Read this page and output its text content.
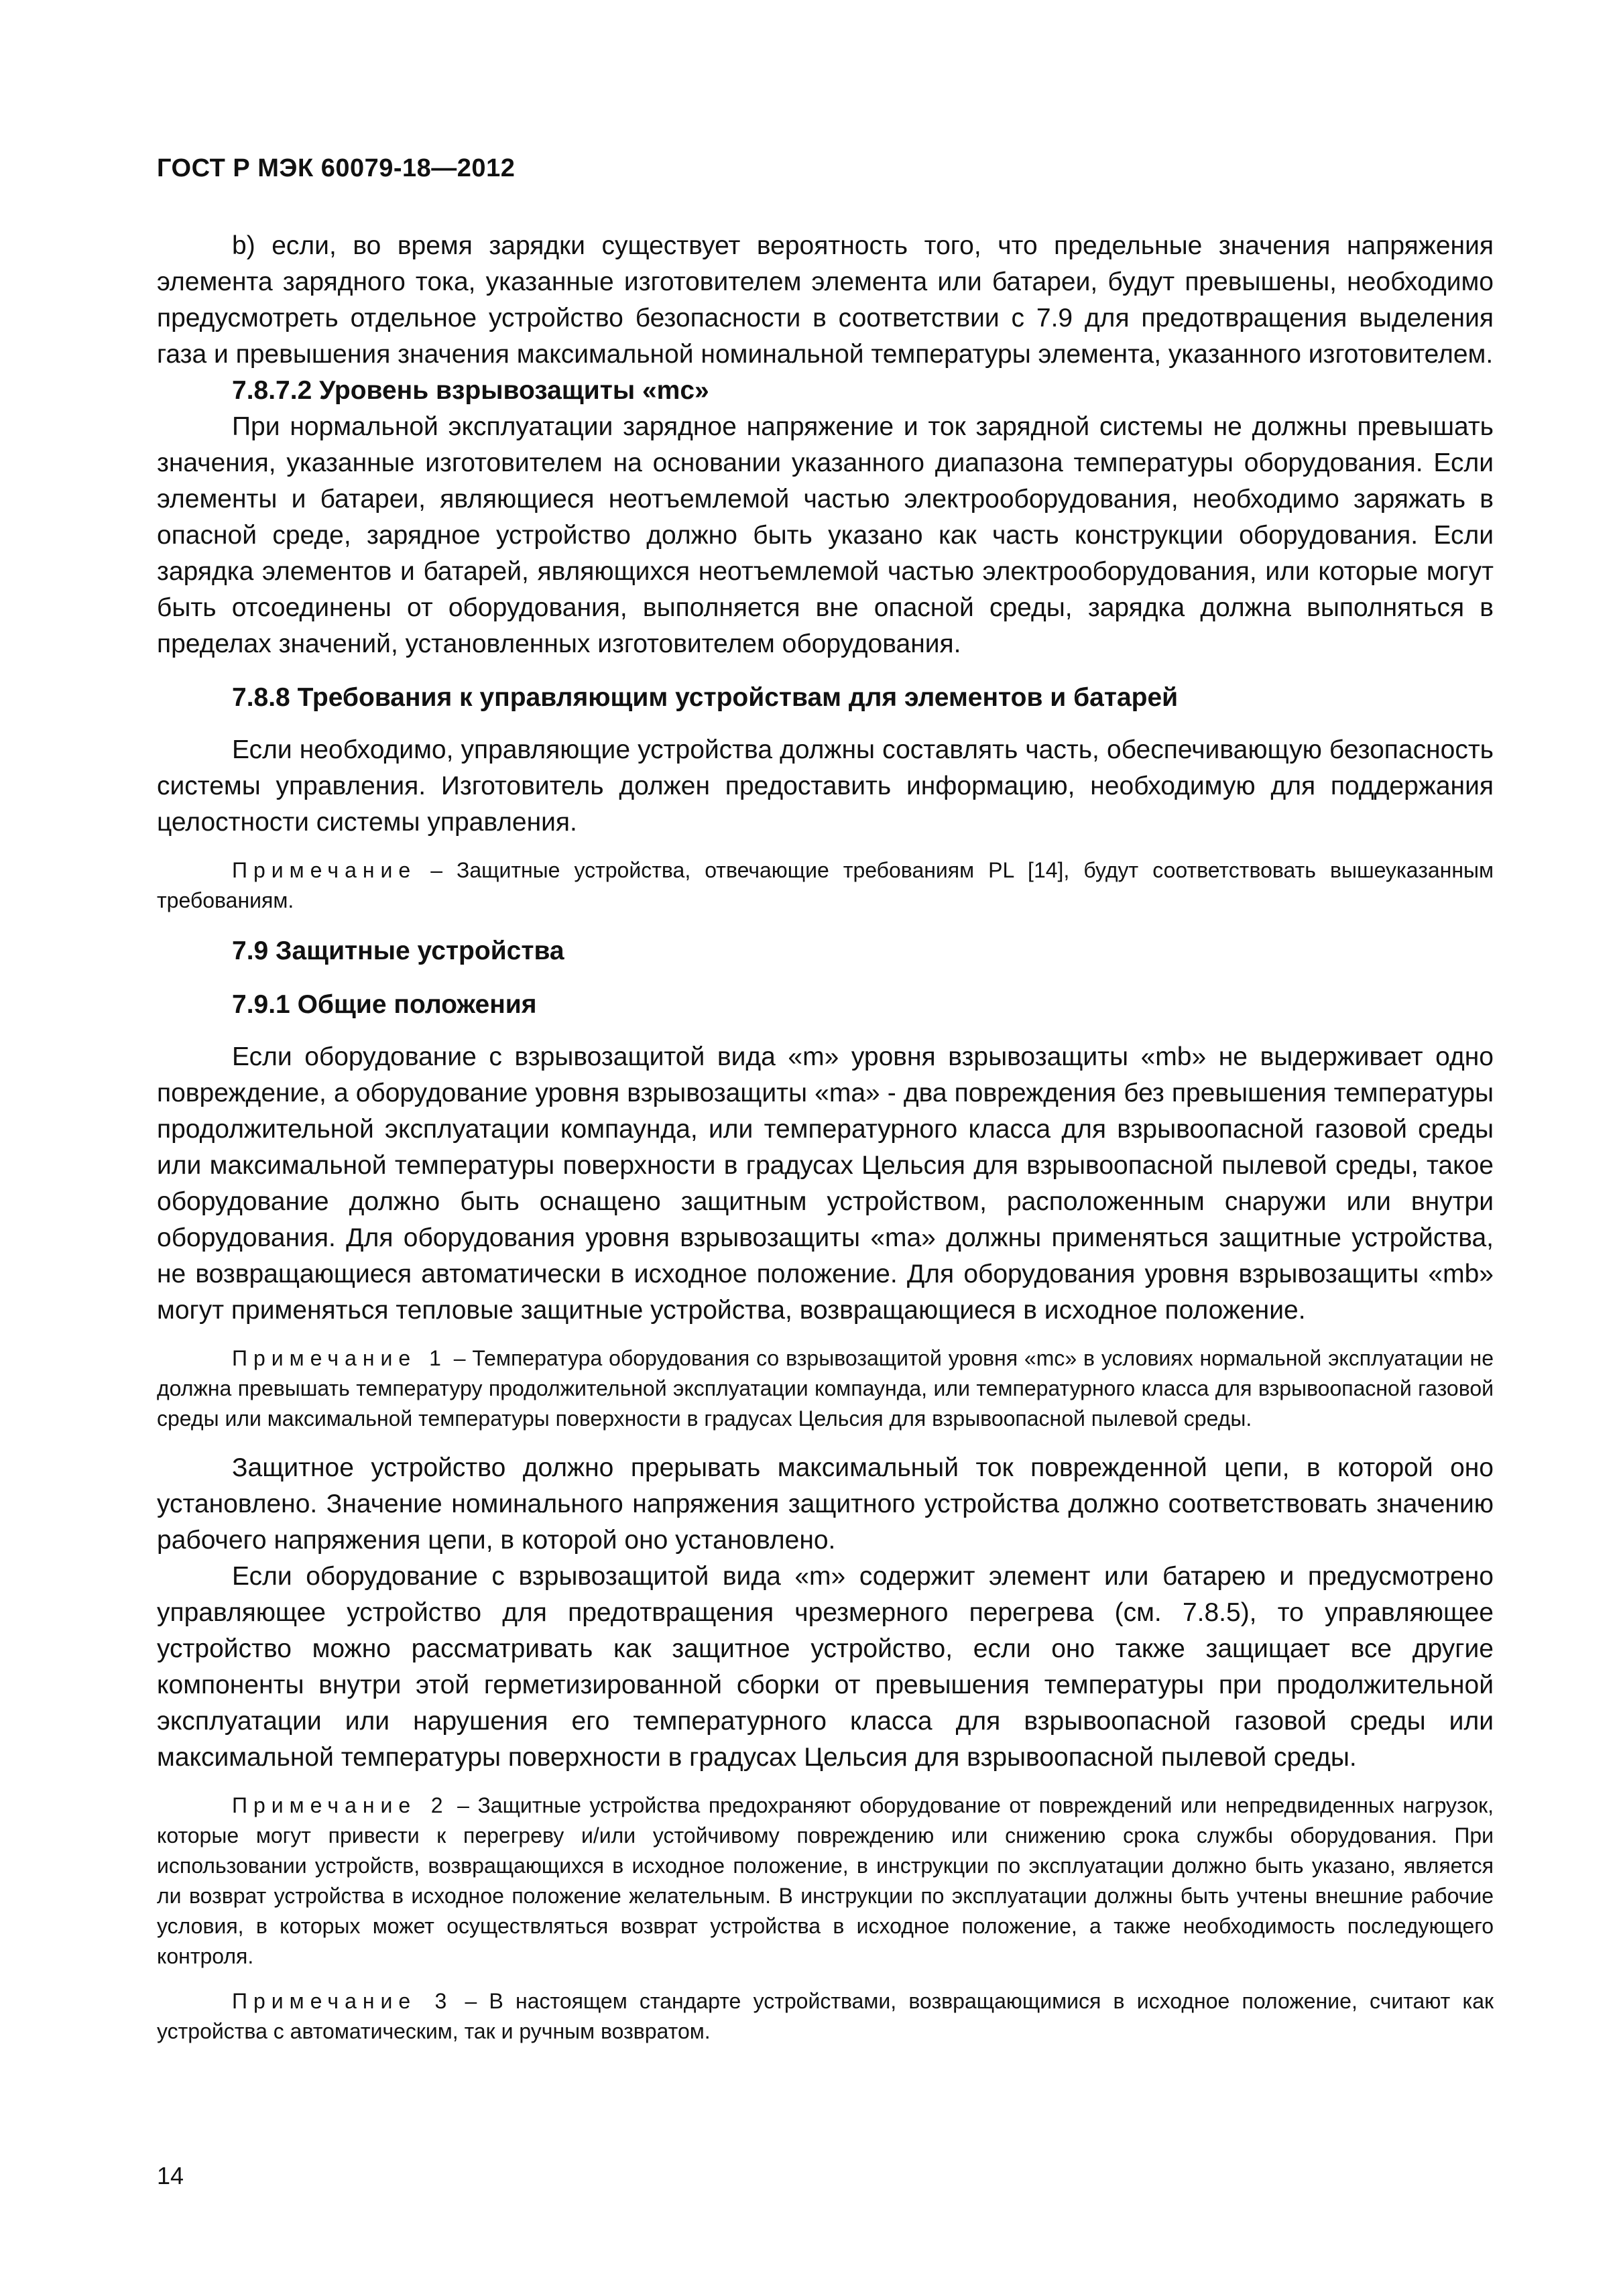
ГОСТ Р МЭК 60079-18—2012

b) если, во время зарядки существует вероятность того, что предельные значения напряжения элемента зарядного тока, указанные изготовителем элемента или батареи, будут превышены, необходимо предусмотреть отдельное устройство безопасности в соответствии с 7.9 для предотвращения выделения газа и превышения значения максимальной номинальной температуры элемента, указанного изготовителем.

7.8.7.2 Уровень взрывозащиты «mc»

При нормальной эксплуатации зарядное напряжение и ток зарядной системы не должны превышать значения, указанные изготовителем на основании указанного диапазона температуры оборудования. Если элементы и батареи, являющиеся неотъемлемой частью электрооборудования, необходимо заряжать в опасной среде, зарядное устройство должно быть указано как часть конструкции оборудования. Если зарядка элементов и батарей, являющихся неотъемлемой частью электрооборудования, или которые могут быть отсоединены от оборудования, выполняется вне опасной среды, зарядка должна выполняться в пределах значений, установленных изготовителем оборудования.

7.8.8 Требования к управляющим устройствам для элементов и батарей

Если необходимо, управляющие устройства должны составлять часть, обеспечивающую безопасность системы управления. Изготовитель должен предоставить информацию, необходимую для поддержания целостности системы управления.

Примечание – Защитные устройства, отвечающие требованиям PL [14], будут соответствовать вышеуказанным требованиям.

7.9 Защитные устройства

7.9.1 Общие положения

Если оборудование с взрывозащитой вида «m» уровня взрывозащиты «mb» не выдерживает одно повреждение, а оборудование уровня взрывозащиты «ma» - два повреждения без превышения температуры продолжительной эксплуатации компаунда, или температурного класса для взрывоопасной газовой среды или максимальной температуры поверхности в градусах Цельсия для взрывоопасной пылевой среды, такое оборудование должно быть оснащено защитным устройством, расположенным снаружи или внутри оборудования. Для оборудования уровня взрывозащиты «ma» должны применяться защитные устройства, не возвращающиеся автоматически в исходное положение. Для оборудования уровня взрывозащиты «mb» могут применяться тепловые защитные устройства, возвращающиеся в исходное положение.

Примечание 1 – Температура оборудования со взрывозащитой уровня «mc» в условиях нормальной эксплуатации не должна превышать температуру продолжительной эксплуатации компаунда, или температурного класса для взрывоопасной газовой среды или максимальной температуры поверхности в градусах Цельсия для взрывоопасной пылевой среды.

Защитное устройство должно прерывать максимальный ток поврежденной цепи, в которой оно установлено. Значение номинального напряжения защитного устройства должно соответствовать значению рабочего напряжения цепи, в которой оно установлено.

Если оборудование с взрывозащитой вида «m» содержит элемент или батарею и предусмотрено управляющее устройство для предотвращения чрезмерного перегрева (см. 7.8.5), то управляющее устройство можно рассматривать как защитное устройство, если оно также защищает все другие компоненты внутри этой герметизированной сборки от превышения температуры при продолжительной эксплуатации или нарушения его температурного класса для взрывоопасной газовой среды или максимальной температуры поверхности в градусах Цельсия для взрывоопасной пылевой среды.

Примечание 2 – Защитные устройства предохраняют оборудование от повреждений или непредвиденных нагрузок, которые могут привести к перегреву и/или устойчивому повреждению или снижению срока службы оборудования. При использовании устройств, возвращающихся в исходное положение, в инструкции по эксплуатации должно быть указано, является ли возврат устройства в исходное положение желательным. В инструкции по эксплуатации должны быть учтены внешние рабочие условия, в которых может осуществляться возврат устройства в исходное положение, а также необходимость последующего контроля.

Примечание 3 – В настоящем стандарте устройствами, возвращающимися в исходное положение, считают как устройства с автоматическим, так и ручным возвратом.

14
